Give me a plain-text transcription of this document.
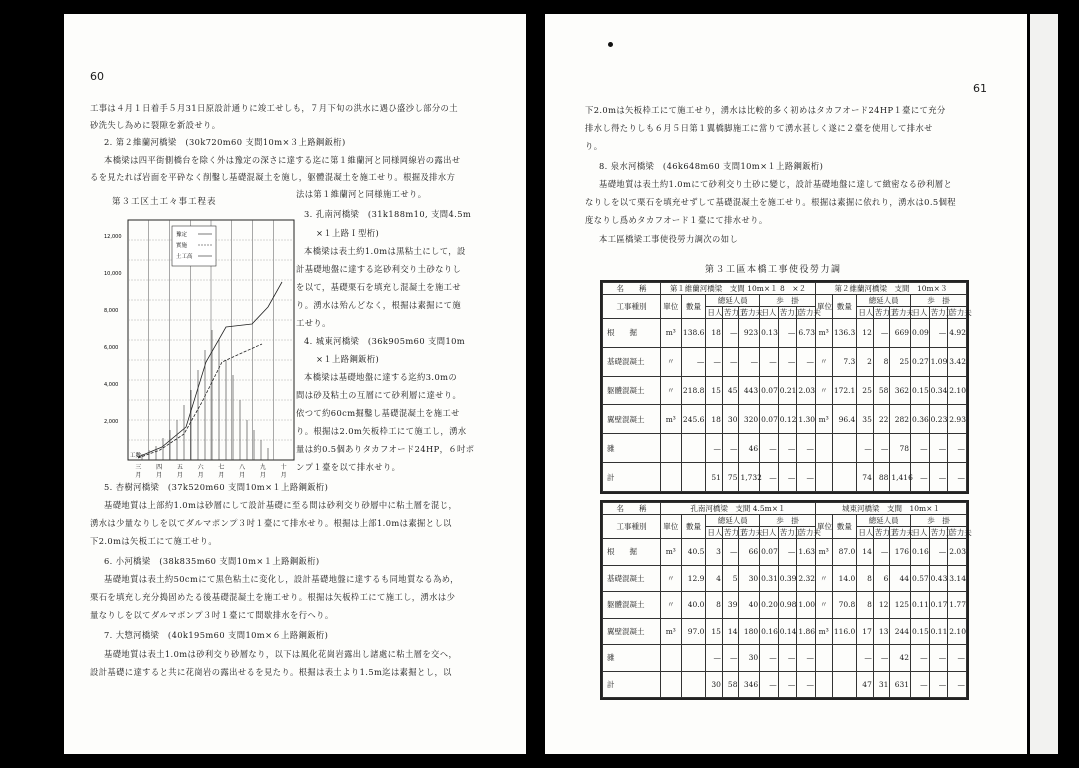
60
工事は４月１日着手５月31日原設計通りに竣工せしも，７月下旬の洪水に遇ひ盛沙し部分の土
砂洗失し為めに裂隙を新設せり。
2. 第２維蘭河橋梁　(30k720m60 支間10m×３上路鋼鈑桁)
本橋梁は四平街側橋台を除く外は豫定の深さに達する迄に第１維蘭河と同様岡線岩の露出せ
るを見たれば岩面を平砕なく削鑿し基礎混凝土を施し，躯體混凝土を施工せり。根掘及排水方
法は第１維蘭河と同様施工せり。
3. 孔南河橋梁　(31k188m10, 支間4.5m
×１上路Ｉ型桁)
本橋梁は表土約1.0mは黒粘土にして，設
計基礎地盤に達する迄砂利交り土砂なりし
を以て，基礎栗石を填充し混凝土を施工せ
り。湧水は殆んどなく，根掘は素掘にて施
工せり。
4. 城東河橋梁　(36k905m60 支間10m
×１上路鋼鈑桁)
本橋梁は基礎地盤に達する迄約3.0mの
間は砂及粘土の互層にて砂利層に達せり。
依つて約60cm掘鑿し基礎混凝土を施工せ
り。根掘は2.0m矢板枠工にて施工し，湧水
量は約0.5個ありタカフオード24HP，６吋ポ
ンプ１臺を以て排水せり。
5. 杏樹河橋梁　(37k520m60 支間10m×１上路鋼鈑桁)
基礎地質は上部約1.0mは砂層にして設計基礎に至る間は砂利交り砂層中に粘土層を混じ，
湧水は少量なりしを以てダルマポンプ３吋１臺にて排水せり。根掘は上部1.0mは素掘とし以
下2.0mは矢板工にて施工せり。
6. 小河橋梁　(38k835m60 支間10m×１上路鋼鈑桁)
基礎地質は表土約50cmにて黒色粘土に変化し，設計基礎地盤に達するも同地質なる為め，
栗石を填充し充分搗固めたる後基礎混凝土を施工せり。根掘は矢板枠工にて施工し，湧水は少
量なりしを以てダルマポンプ３吋１臺にて間歇排水を行へり。
7. 大惣河橋梁　(40k195m60 支間10m×６上路鋼鈑桁)
基礎地質は表土1.0mは砂利交り砂層なり，以下は風化花崗岩露出し諸處に粘土層を交へ，
設計基礎に達すると共に花崗岩の露出せるを見たり。根掘は表土より1.5m迄は素掘とし，以
第３工区土工々事工程表
12,000
10,000
8,000
6,000
4,000
2,000
豫定
實施
土工高
三
月
四
月
五
月
六
月
七
月
八
月
九
月
十
月
工數
61
下2.0mは矢板枠工にて施工せり，湧水は比較的多く初めはタカフオード24HP１臺にて充分
排水し得たりしも６月５日第１翼橋脚施工に當りて湧水甚しく遂に２臺を使用して排水せ
り。
8. 泉水河橋梁　(46k648m60 支間10m×１上路鋼鈑桁)
基礎地質は表土約1.0mにて砂利交り土砂に變じ，設計基礎地盤に達して緻密なる砂利層と
なりしを以て栗石を填充せずして基礎混凝土を施工せり。根掘は素掘に依れり，湧水は0.5個程
度なりし爲めタカフオード１臺にて排水せり。
本工區橋梁工事使役勞力調次の如し
第３工區本橋工事使役勞力調
名　　稱	第１維蘭河橋梁　支間 10m×１ 8　×２								第２維蘭河橋梁　支間　10m×３							
工事種別	單位	數量	總延人員			歩　掛			單位	數量	總延人員			歩　掛		
			日人	苦力工	苦力夫	日人	苦力工	苦力夫			日人	苦力工	苦力夫	日人	苦力工	苦力夫
根　　掘	m³	138.6	18	—	923	0.13	—	6.73	m³	136.3	12	—	669	0.09	—	4.92
基礎混凝土	〃	—	—	—	—	—	—	—	〃	7.3	2	8	25	0.27	1.09	3.42
躯體混凝土	〃	218.8	15	45	443	0.07	0.21	2.03	〃	172.1	25	58	362	0.15	0.34	2.10
翼壁混凝土	m³	245.6	18	30	320	0.07	0.12	1.30	m³	96.4	35	22	282	0.36	0.23	2.93
雜			—	—	46	—	—	—			—	—	78	—	—	—
計			51	75	1,732	—	—	—			74	88	1,416	—	—	—
名　　稱	孔南河橋梁　支間 4.5m×１								城東河橋梁　支間　10m×１							
工事種別	單位	數量	總延人員			歩　掛			單位	數量	總延人員			歩　掛		
			日人	苦力工	苦力夫	日人	苦力工	苦力夫			日人	苦力工	苦力夫	日人	苦力工	苦力夫
根　　掘	m³	40.5	3	—	66	0.07	—	1.63	m³	87.0	14	—	176	0.16	—	2.03
基礎混凝土	〃	12.9	4	5	30	0.31	0.39	2.32	〃	14.0	8	6	44	0.57	0.43	3.14
躯體混凝土	〃	40.0	8	39	40	0.20	0.98	1.00	〃	70.8	8	12	125	0.11	0.17	1.77
翼壁混凝土	m³	97.0	15	14	180	0.16	0.14	1.86	m³	116.0	17	13	244	0.15	0.11	2.10
雜			—	—	30	—	—	—			—	—	42	—	—	—
計			30	58	346	—	—	—			47	31	631	—	—	—
